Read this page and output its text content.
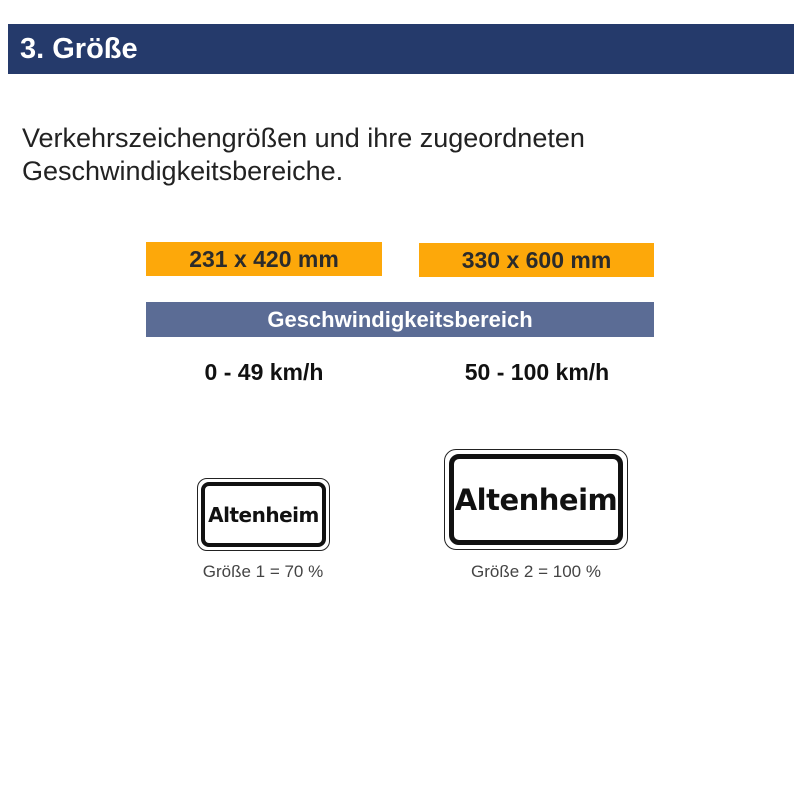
3. Größe
Verkehrszeichengrößen und ihre zugeordneten
Geschwindigkeitsbereiche.
231 x 420 mm	330 x 600 mm
Geschwindigkeitsbereich
0 - 49 km/h	50 - 100 km/h
Altenheim	Altenheim
Größe 1 = 70 %	Größe 2 = 100 %
